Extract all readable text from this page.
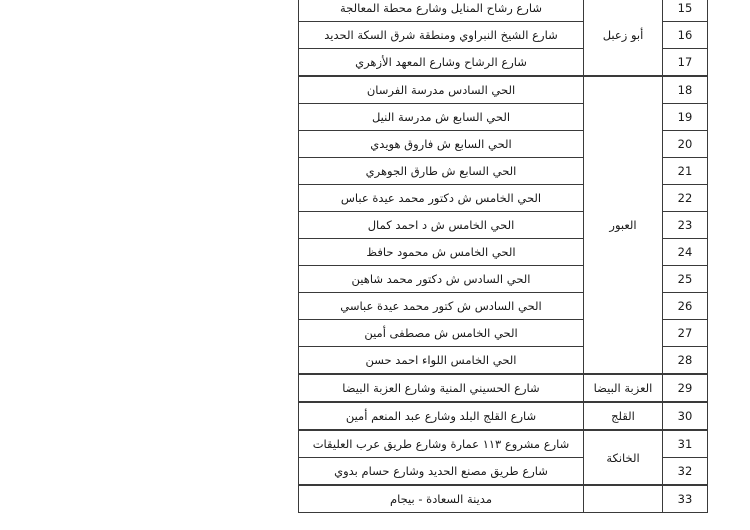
15	أبو زعبل	شارع رشاح المنايل وشارع محطة المعالجة
16		شارع الشيخ النبراوي ومنطقة شرق السكة الحديد
17		شارع الرشاح وشارع المعهد الأزهري
18	العبور	الحي السادس مدرسة الفرسان
19		الحي السابع ش مدرسة النيل
20		الحي السابع ش فاروق هويدي
21		الحي السابع ش طارق الجوهري
22		الحي الخامس ش دكتور محمد عيدة عباس
23		الحي الخامس ش د احمد كمال
24		الحي الخامس ش محمود حافظ
25		الحي السادس ش دكتور محمد شاهين
26		الحي السادس ش كتور محمد عيدة عباسي
27		الحي الخامس ش مصطفى أمين
28		الحي الخامس اللواء احمد حسن
29	العزبة البيضا	شارع الحسيني المنية وشارع العزبة البيضا
30	القلج	شارع القلج البلد وشارع عبد المنعم أمين
31	الخانكة	شارع مشروع ١١٣ عمارة وشارع طريق عرب العليقات
32		شارع طريق مصنع الحديد وشارع حسام بدوي
33		مدينة السعادة - بيجام
